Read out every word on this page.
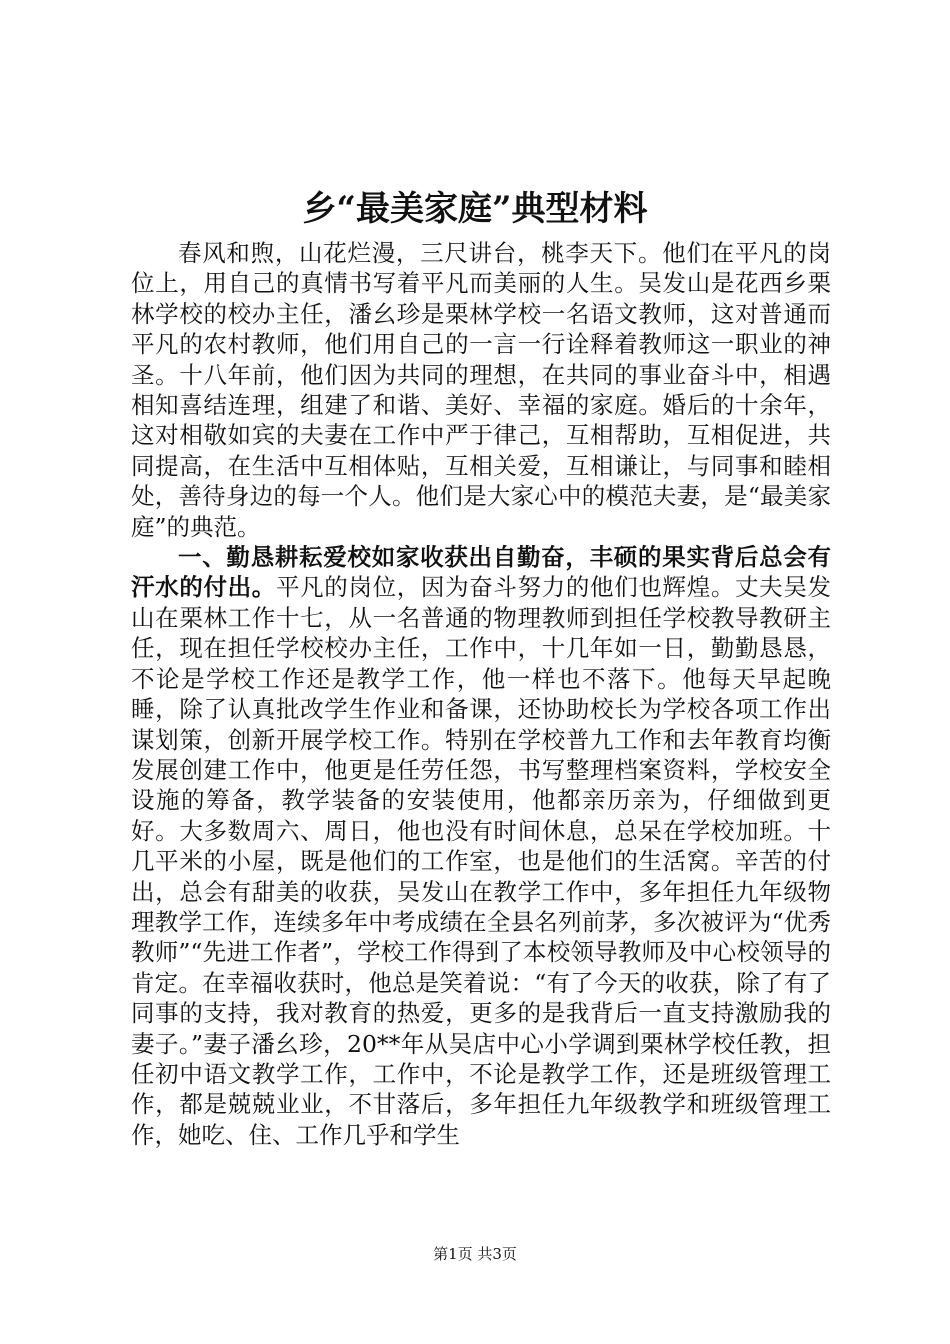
乡“最美家庭”典型材料

春风和煦，山花烂漫，三尺讲台，桃李天下。他们在平凡的岗位上，用自己的真情书写着平凡而美丽的人生。吴发山是花西乡栗林学校的校办主任，潘幺珍是栗林学校一名语文教师，这对普通而平凡的农村教师，他们用自己的一言一行诠释着教师这一职业的神圣。十八年前，他们因为共同的理想，在共同的事业奋斗中，相遇相知喜结连理，组建了和谐、美好、幸福的家庭。婚后的十余年，这对相敬如宾的夫妻在工作中严于律己，互相帮助，互相促进，共同提高，在生活中互相体贴，互相关爱，互相谦让，与同事和睦相处，善待身边的每一个人。他们是大家心中的模范夫妻，是“最美家庭”的典范。

一、勤恳耕耘爱校如家收获出自勤奋，丰硕的果实背后总会有汗水的付出。平凡的岗位，因为奋斗努力的他们也辉煌。丈夫吴发山在栗林工作十七，从一名普通的物理教师到担任学校教导教研主任，现在担任学校校办主任，工作中，十几年如一日，勤勤恳恳，不论是学校工作还是教学工作，他一样也不落下。他每天早起晚睡，除了认真批改学生作业和备课，还协助校长为学校各项工作出谋划策，创新开展学校工作。特别在学校普九工作和去年教育均衡发展创建工作中，他更是任劳任怨，书写整理档案资料，学校安全设施的筹备，教学装备的安装使用，他都亲历亲为，仔细做到更好。大多数周六、周日，他也没有时间休息，总呆在学校加班。十几平米的小屋，既是他们的工作室，也是他们的生活窝。辛苦的付出，总会有甜美的收获，吴发山在教学工作中，多年担任九年级物理教学工作，连续多年中考成绩在全县名列前茅，多次被评为“优秀教师”“先进工作者”，学校工作得到了本校领导教师及中心校领导的肯定。在幸福收获时，他总是笑着说：“有了今天的收获，除了有了同事的支持，我对教育的热爱，更多的是我背后一直支持激励我的妻子。”妻子潘幺珍，20**年从吴店中心小学调到栗林学校任教，担任初中语文教学工作，工作中，不论是教学工作，还是班级管理工作，都是兢兢业业，不甘落后，多年担任九年级教学和班级管理工作，她吃、住、工作几乎和学生

第1页 共3页
